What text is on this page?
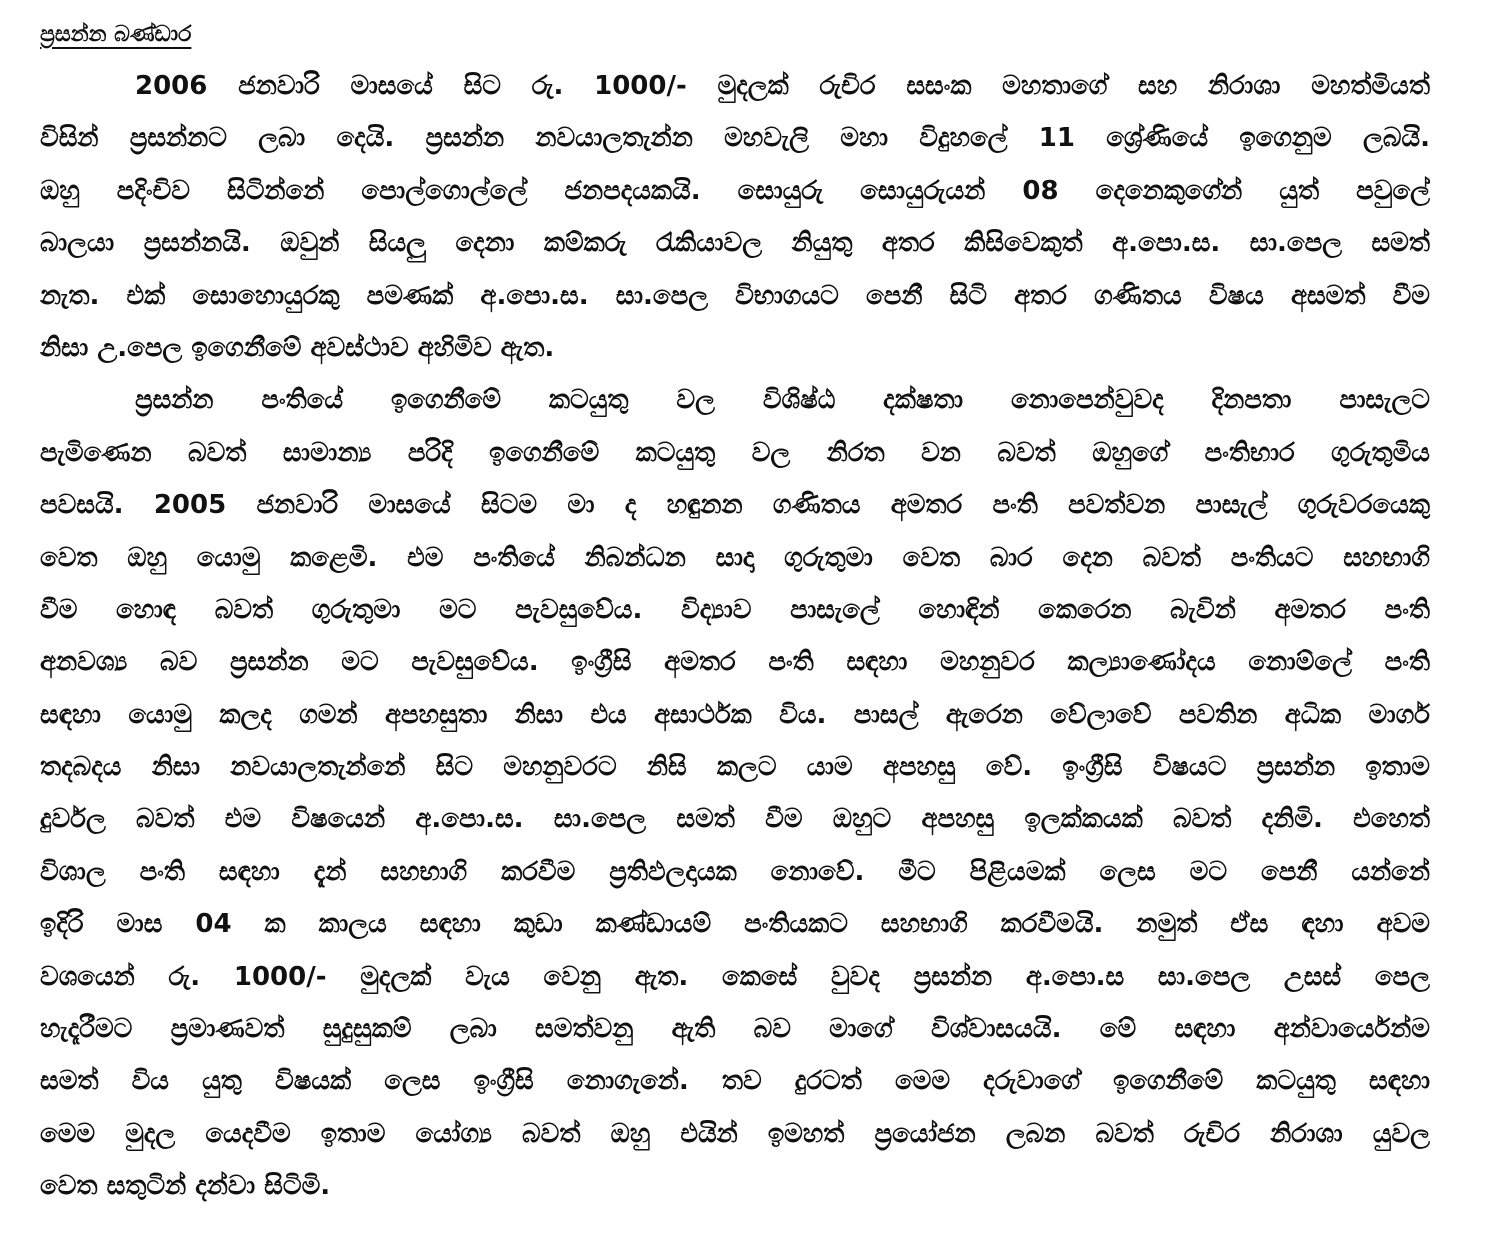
ප්‍රසන්න බණ්ඩාර
2006 ජනවාරි මාසයේ සිට රු. 1000/- මුදලක් රුචිර සසංක මහතාගේ සහ නිරාශා මහත්මියත්
විසින් ප්‍රසන්නට ලබා දෙයි. ප්‍රසන්න නවයාලතැන්න මහවැලි මහා විදුහලේ 11 ශ්‍රේණියේ ඉගෙනුම ලබයි.
ඔහු පදිංචිව සිටින්නේ පොල්ගොල්ලේ ජනපදයකයි. සොයුරු සොයුරුයන් 08 දෙනෙකුගේන් යුත් පවුලේ
බාලයා ප්‍රසන්නයි. ඔවුන් සියලු දෙනා කම්කරු රැකියාවල නියුතු අතර කිසිවෙකුත් අ.පො.ස. සා.පෙල සමත්
නැත. එක් සොහොයුරකු පමණක් අ.පො.ස. සා.පෙල විභාගයට පෙනී සිටි අතර ගණිතය විෂය අසමත් වීම
නිසා උ.පෙල ඉගෙනීමේ අවස්ථාව අහිමිව ඇත.
ප්‍රසන්න පංතියේ ඉගෙනීමේ කටයුතු වල විශිෂ්ඨ දක්ෂතා නොපෙන්වුවද දිනපතා පාසැලට
පැමිණෙන බවත් සාමාන්‍ය පරිදි ඉගෙනීමේ කටයුතු වල නිරත වන බවත් ඔහුගේ පංතිභාර ගුරුතුමිය
පවසයි. 2005 ජනවාරි මාසයේ සිටම මා ද හඳුනන ගණිතය අමතර පංති පවත්වන පාසැල් ගුරුවරයෙකු
වෙත ඔහු යොමු කළෙමි. එම පංතියේ නිබන්ධන සාදා ගුරුතුමා වෙත බාර දෙන බවත් පංතියට සහභාගි
වීම හොඳ බවත් ගුරුතුමා මට පැවසුවේය. විද්‍යාව පාසැලේ හොඳින් කෙරෙන බැවින් අමතර පංති
අනවශ්‍ය බව ප්‍රසන්න මට පැවසුවේය. ඉංග්‍රීසි අමතර පංති සඳහා මහනුවර කල්‍යාණෝදය නොම්ලේ පංති
සඳහා යොමු කලද ගමන් අපහසුතා නිසා එය අසාර්ථක විය. පාසල් ඇරෙන වේලාවේ පවතින අධික මාර්ග
තදබදය නිසා නවයාලතැන්නේ සිට මහනුවරට නිසි කලට යාම අපහසු වේ. ඉංග්‍රීසි විෂයට ප්‍රසන්න ඉතාම
දුර්වල බවත් එම විෂයෙන් අ.පො.ස. සා.පෙල සමත් වීම ඔහුට අපහසු ඉලක්කයක් බවත් දනිමි. එහෙත්
විශාල පංති සඳහා දැන් සහභාගි කරවීම ප්‍රතිඵලදායක නොවේ. මීට පිළියමක් ලෙස මට පෙනී යන්නේ
ඉදිරි මාස 04 ක කාලය සඳහා කුඩා කණ්ඩායම් පංතියකට සහභාගි කරවීමයි. නමුත් ඒස ඳහා අවම
වශයෙන් රු. 1000/- මුදලක් වැය වෙනු ඇත. කෙසේ වුවද ප්‍රසන්න අ.පො.ස සා.පෙල උසස් පෙල
හැදෑරීමට ප්‍රමාණවත් සුදුසුකම් ලබා සමත්වනු ඇති බව මාගේ විශ්වාසයයි. මේ සඳහා අන්වාර්යෙන්ම
සමත් විය යුතු විෂයක් ලෙස ඉංග්‍රීසි නොගැනේ. තව දුරටත් මෙම දරුවාගේ ඉගෙනීමේ කටයුතු සඳහා
මෙම මුදල යෙදවීම ඉතාම යෝග්‍ය බවත් ඔහු එයින් ඉමහත් ප්‍රයෝජන ලබන බවත් රුචිර නිරාශා යුවල
වෙත සතුටින් දන්වා සිටිමි.
